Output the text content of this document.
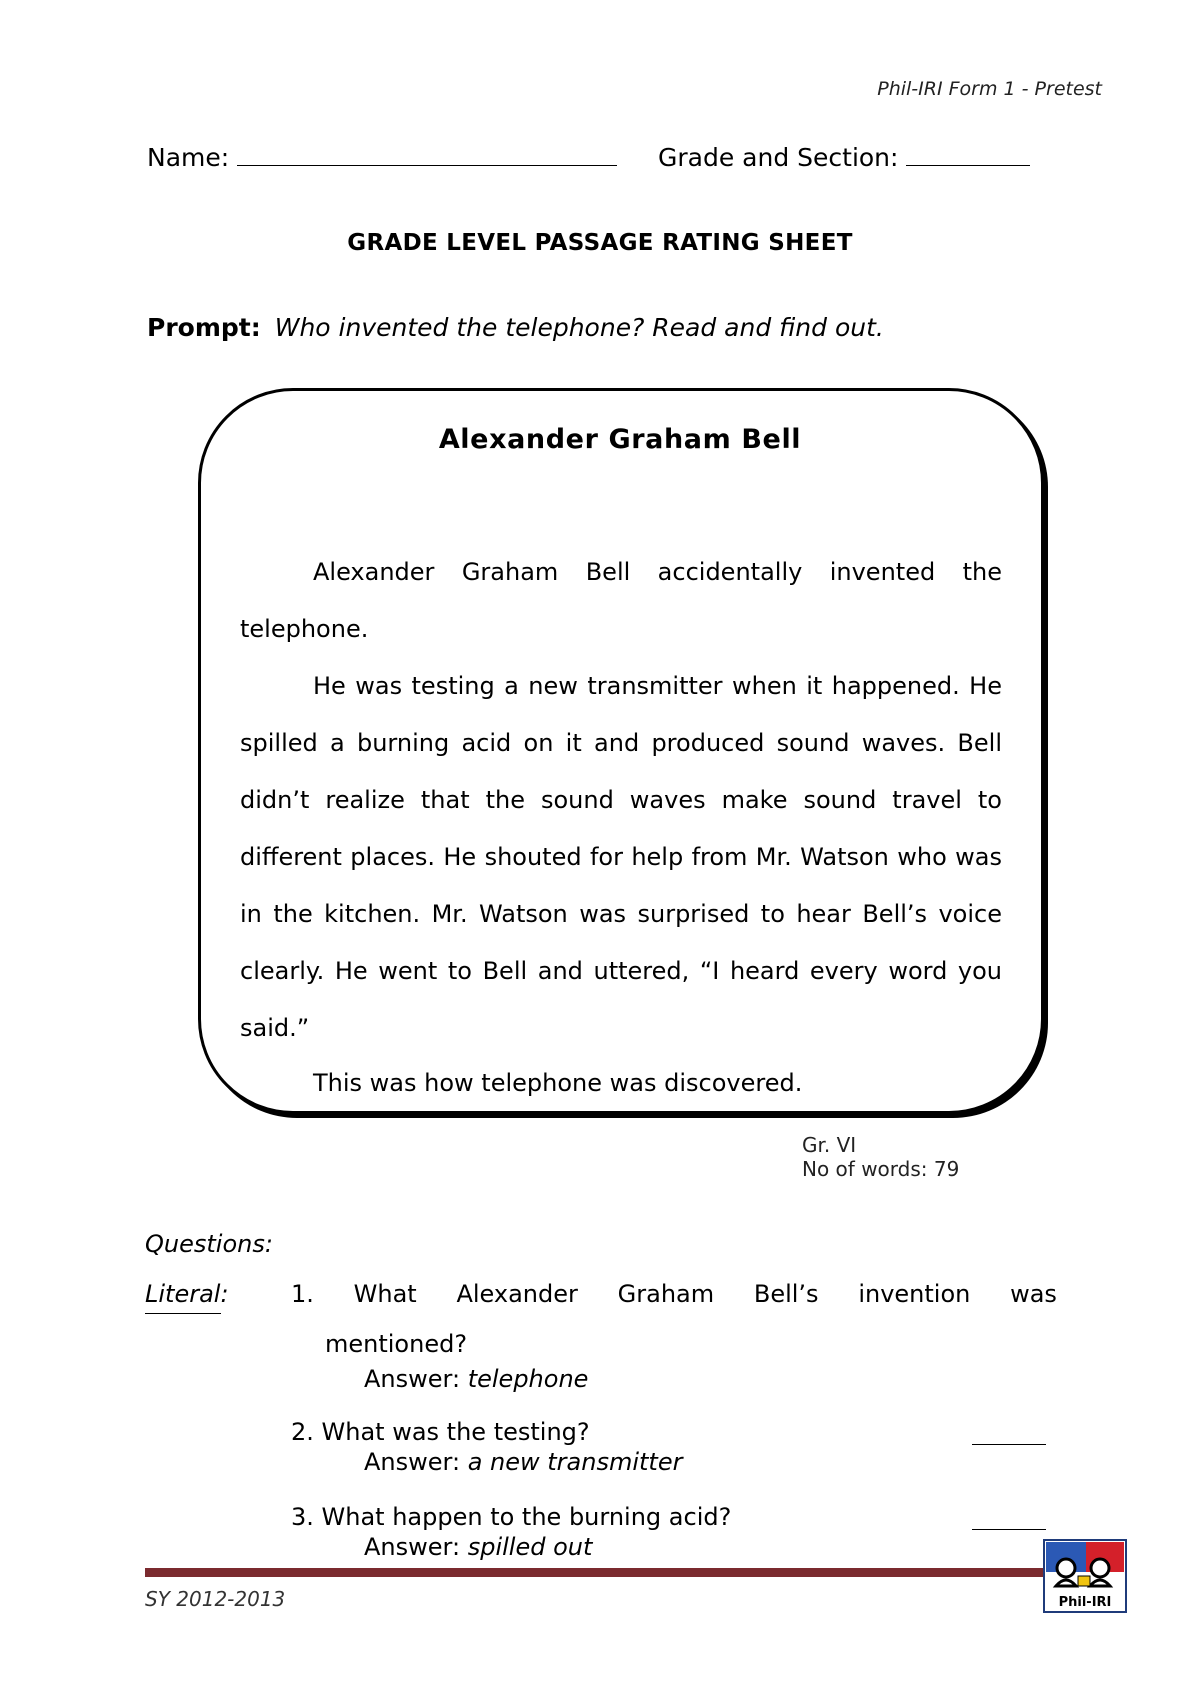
Phil-IRI Form 1 - Pretest
Name:	Grade and Section:
GRADE LEVEL PASSAGE RATING SHEET
Prompt: Who invented the telephone? Read and find out.
Alexander Graham Bell

Alexander Graham Bell accidentally invented the telephone.

He was testing a new transmitter when it happened. He spilled a burning acid on it and produced sound waves. Bell didn’t realize that the sound waves make sound travel to different places. He shouted for help from Mr. Watson who was in the kitchen. Mr. Watson was surprised to hear Bell’s voice clearly. He went to Bell and uttered, “I heard every word you said.”

This was how telephone was discovered.

Gr. VI
No of words: 79
Questions:
Literal:	1. What Alexander Graham Bell’s invention was
mentioned?
Answer: telephone
2. What was the testing?
Answer: a new transmitter
3. What happen to the burning acid?
Answer: spilled out
SY 2012-2013	Phil-IRI
